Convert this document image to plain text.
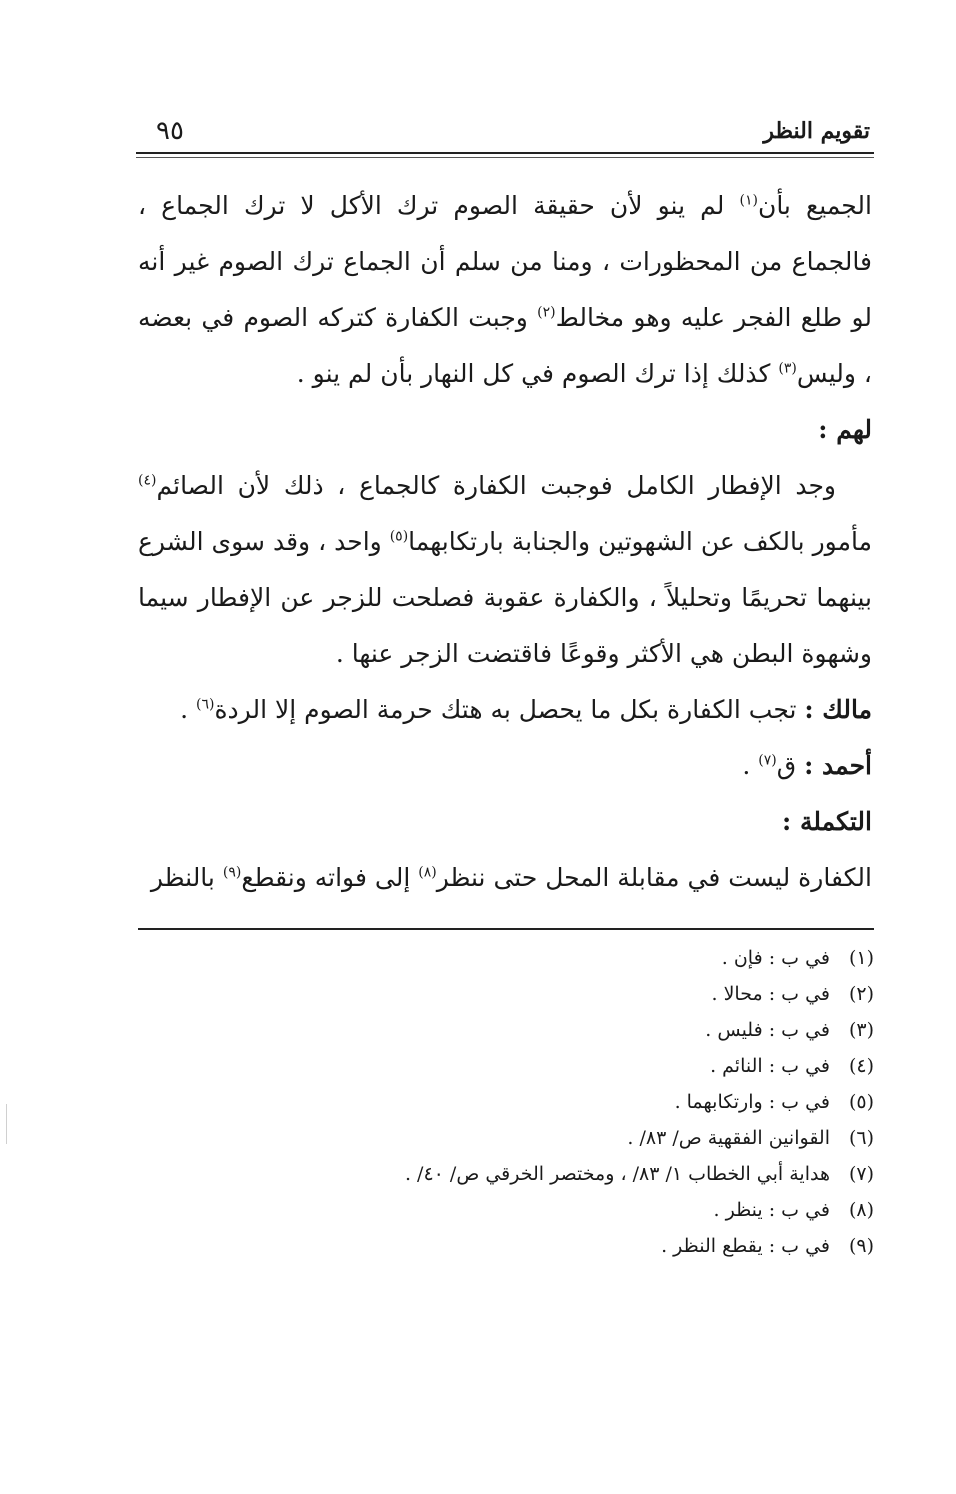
تقويم النظر
٩٥

الجميع بأن$^{(١)}$ لم ينو لأن حقيقة الصوم ترك الأكل لا ترك الجماع ، فالجماع من المحظورات ، ومنا من سلم أن الجماع ترك الصوم غير أنه لو طلع الفجر عليه وهو مخالط$^{(٢)}$ وجبت الكفارة كتركه الصوم في بعضه ، وليس$^{(٣)}$ كذلك إذا ترك الصوم في كل النهار بأن لم ينو .

لهم :

وجد الإفطار الكامل فوجبت الكفارة كالجماع ، ذلك لأن الصائم$^{(٤)}$ مأمور بالكف عن الشهوتين والجنابة بارتكابهما$^{(٥)}$ واحد ، وقد سوى الشرع بينهما تحريمًا وتحليلاً ، والكفارة عقوبة فصلحت للزجر عن الإفطار سيما وشهوة البطن هي الأكثر وقوعًا فاقتضت الزجر عنها .

مالك : تجب الكفارة بكل ما يحصل به هتك حرمة الصوم إلا الردة$^{(٦)}$ .

أحمد : ق$^{(٧)}$ .

التكملة :

الكفارة ليست في مقابلة المحل حتى ننظر$^{(٨)}$ إلى فواته ونقطع$^{(٩)}$ بالنظر

(١)في ب : فإن .
(٢)في ب : محالا .
(٣)في ب : فليس .
(٤)في ب : النائم .
(٥)في ب : وارتكابهما .
(٦)القوانين الفقهية ص/ ٨٣/ .
(٧)هداية أبي الخطاب ١/ ٨٣/ ، ومختصر الخرقي ص/ ٤٠/ .
(٨)في ب : ينظر .
(٩)في ب : يقطع النظر .
